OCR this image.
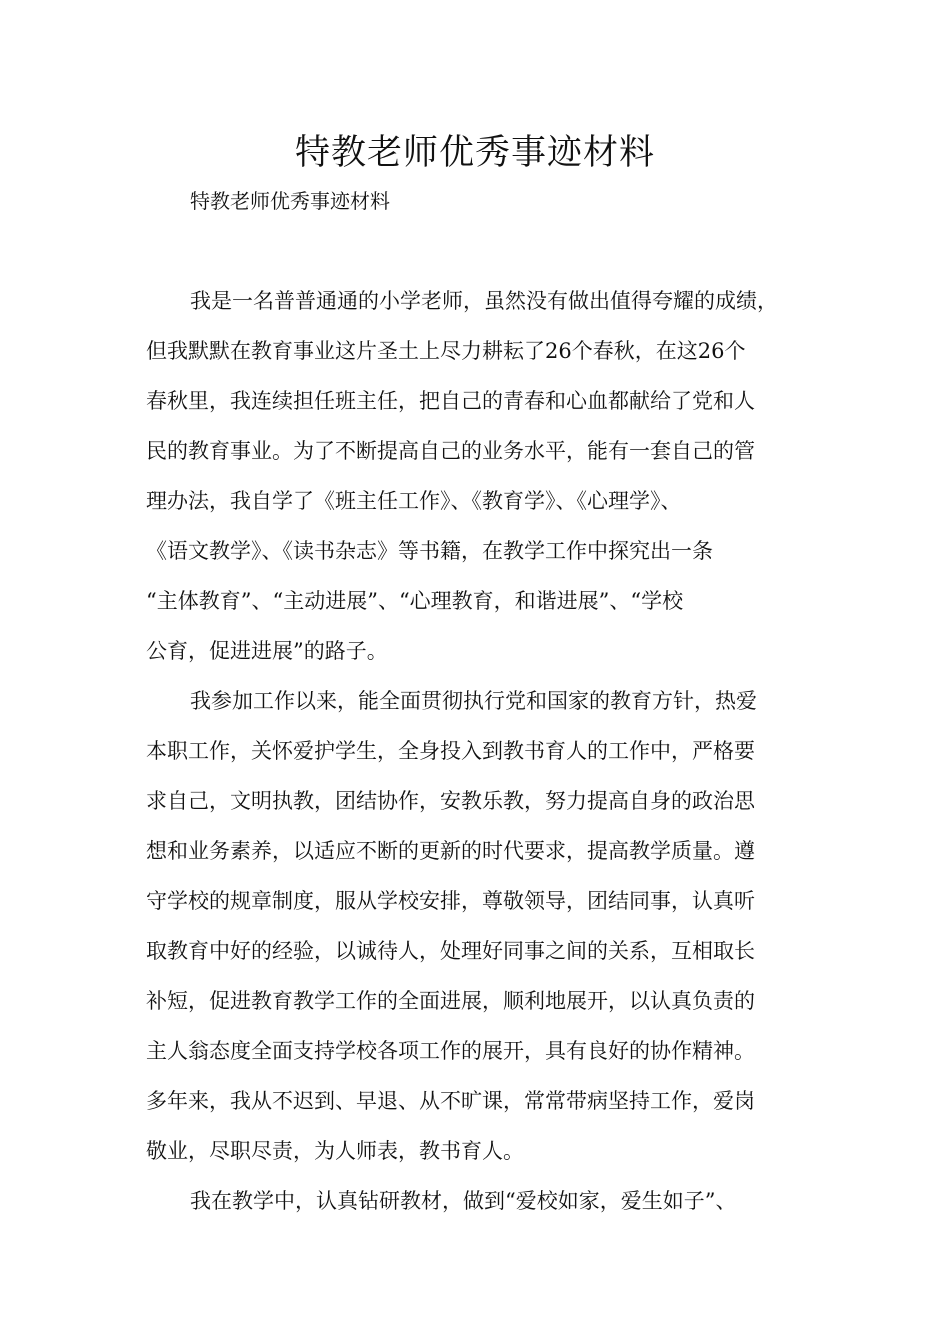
特教老师优秀事迹材料

特教老师优秀事迹材料

我是一名普普通通的小学老师，虽然没有做出值得夸耀的成绩，

但我默默在教育事业这片圣土上尽力耕耘了26个春秋，在这26个

春秋里，我连续担任班主任，把自己的青春和心血都献给了党和人

民的教育事业。为了不断提高自己的业务水平，能有一套自己的管

理办法，我自学了《班主任工作》、《教育学》、《心理学》、

《语文教学》、《读书杂志》等书籍，在教学工作中探究出一条

“主体教育”、“主动进展”、“心理教育，和谐进展”、“学校

公育，促进进展”的路子。

我参加工作以来，能全面贯彻执行党和国家的教育方针，热爱

本职工作，关怀爱护学生，全身投入到教书育人的工作中，严格要

求自己，文明执教，团结协作，安教乐教，努力提高自身的政治思

想和业务素养，以适应不断的更新的时代要求，提高教学质量。遵

守学校的规章制度，服从学校安排，尊敬领导，团结同事，认真听

取教育中好的经验，以诚待人，处理好同事之间的关系，互相取长

补短，促进教育教学工作的全面进展，顺利地展开，以认真负责的

主人翁态度全面支持学校各项工作的展开，具有良好的协作精神。

多年来，我从不迟到、早退、从不旷课，常常带病坚持工作，爱岗

敬业，尽职尽责，为人师表，教书育人。

我在教学中，认真钻研教材，做到“爱校如家，爱生如子”、
